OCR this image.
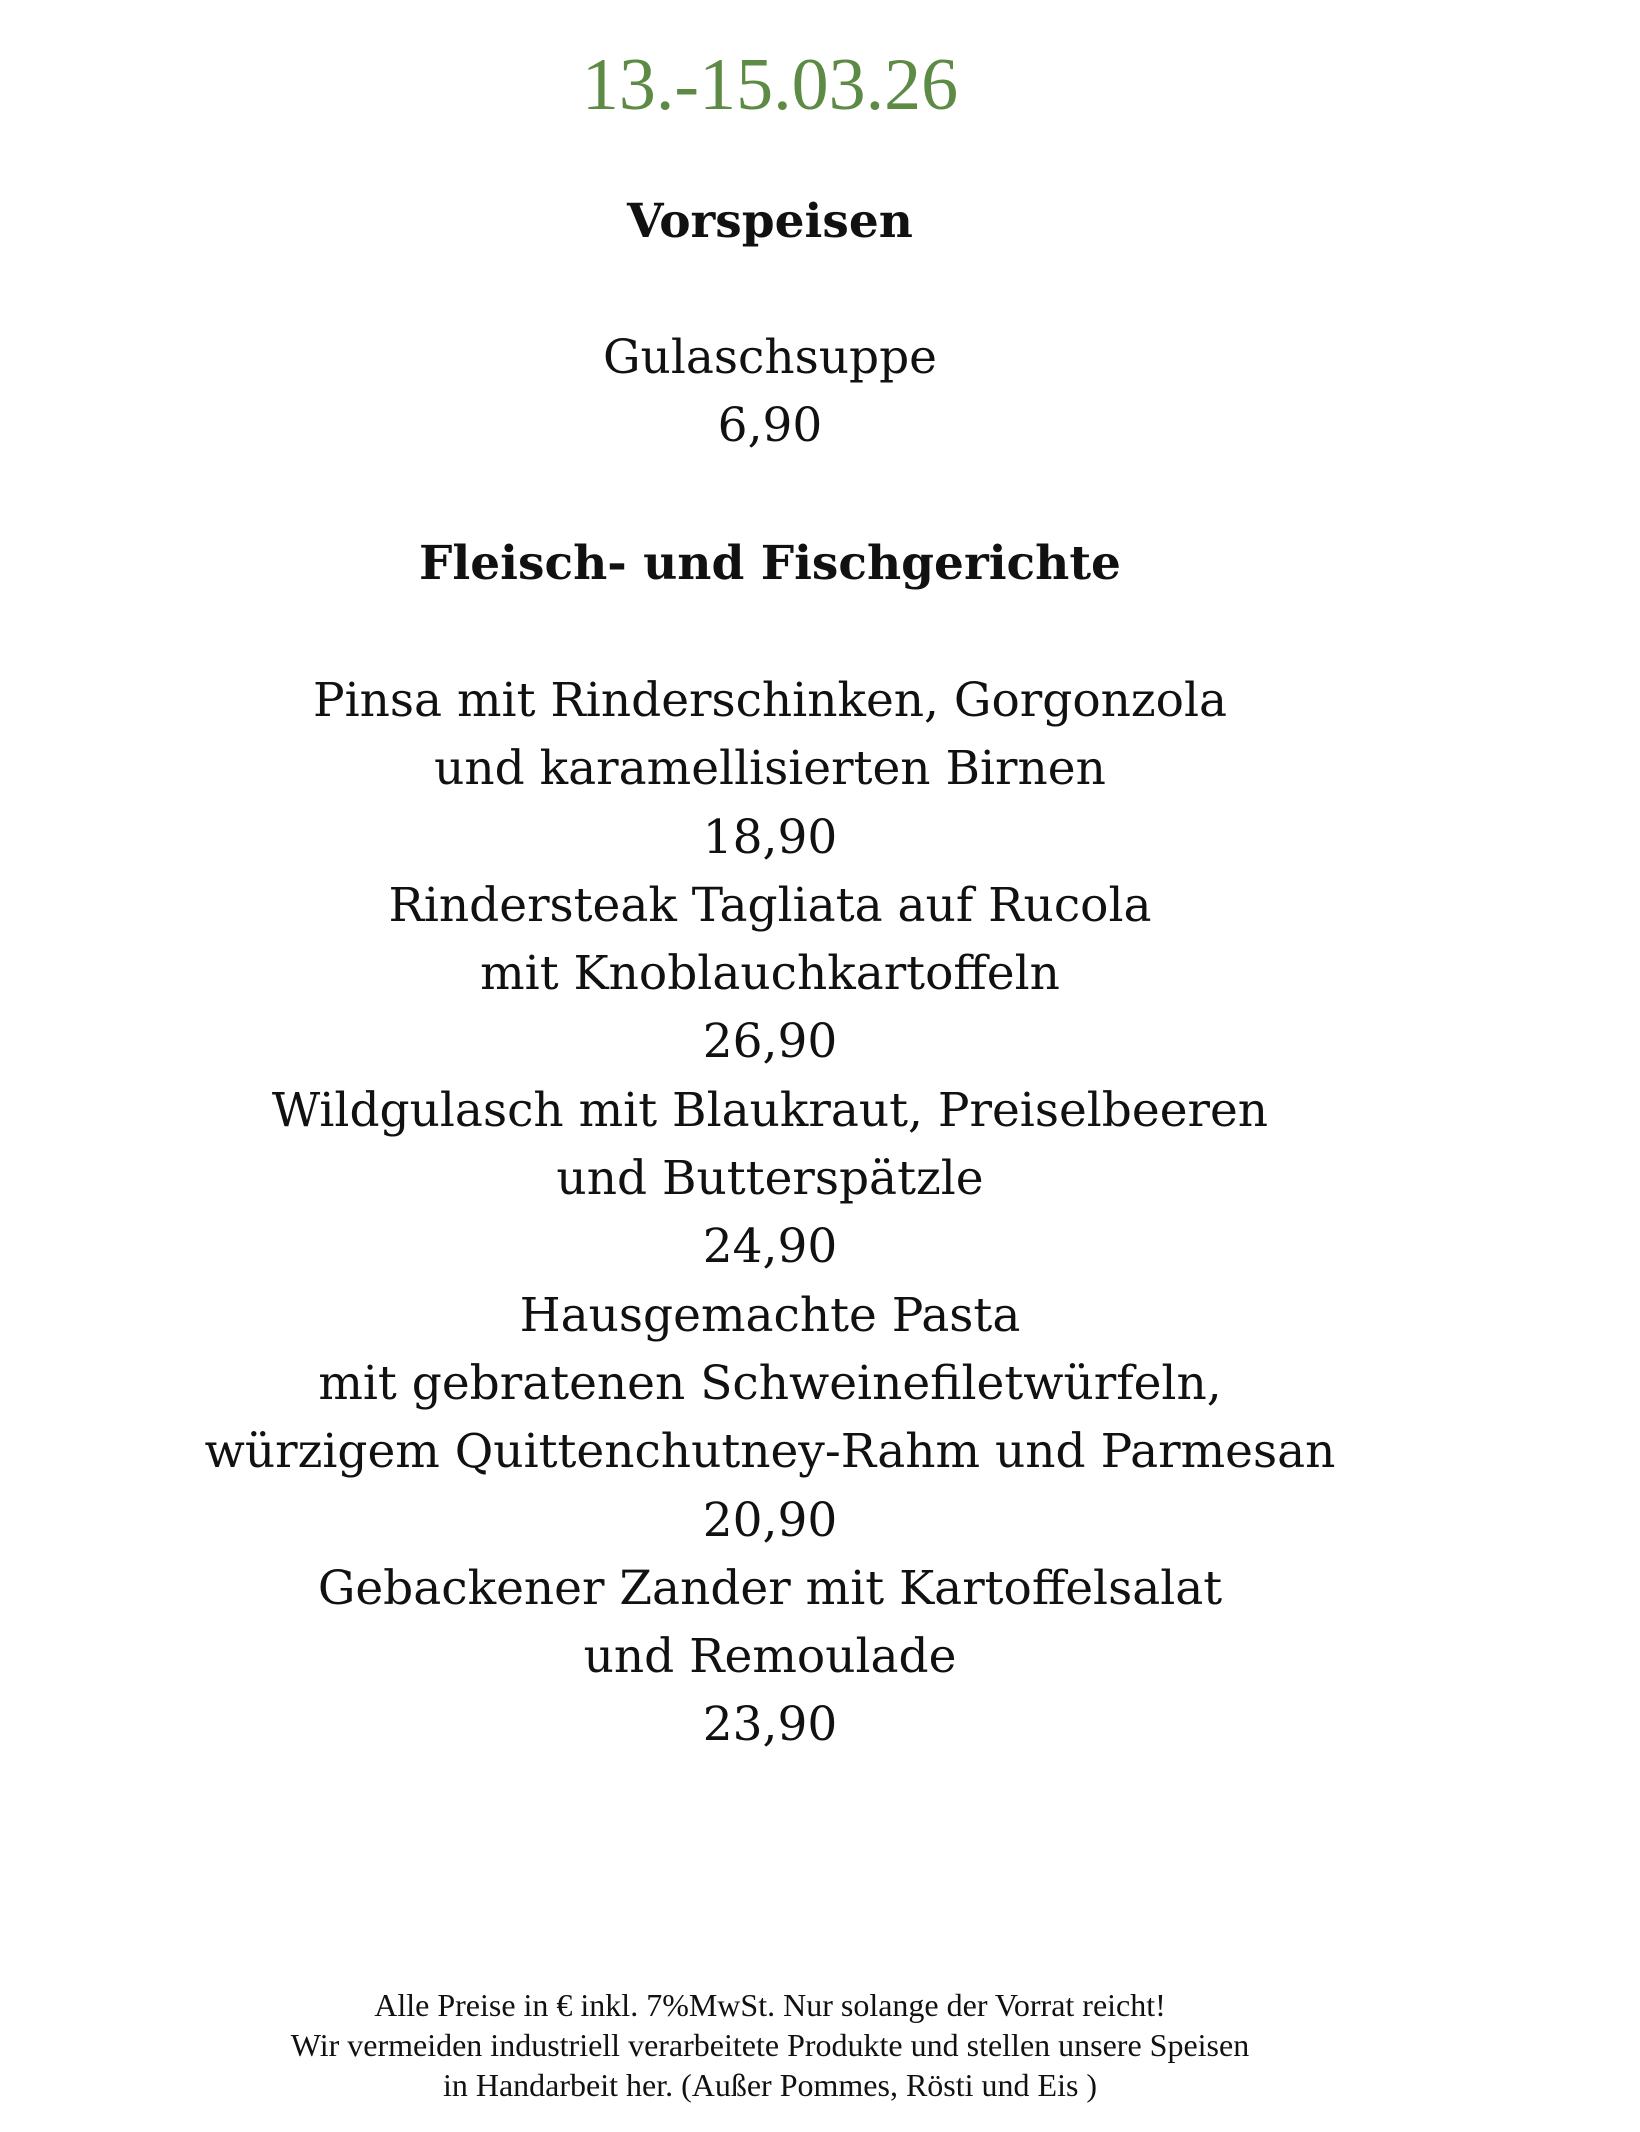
13.-15.03.26
Vorspeisen
Gulaschsuppe
6,90
Fleisch- und Fischgerichte
Pinsa mit Rinderschinken, Gorgonzola
und karamellisierten Birnen
18,90
Rindersteak Tagliata auf Rucola
mit Knoblauchkartoffeln
26,90
Wildgulasch mit Blaukraut, Preiselbeeren
und Butterspätzle
24,90
Hausgemachte Pasta
mit gebratenen Schweinefiletwürfeln,
würzigem Quittenchutney-Rahm und Parmesan
20,90
Gebackener Zander mit Kartoffelsalat
und Remoulade
23,90
Alle Preise in € inkl. 7%MwSt. Nur solange der Vorrat reicht!
Wir vermeiden industriell verarbeitete Produkte und stellen unsere Speisen
in Handarbeit her. (Außer Pommes, Rösti und Eis )
